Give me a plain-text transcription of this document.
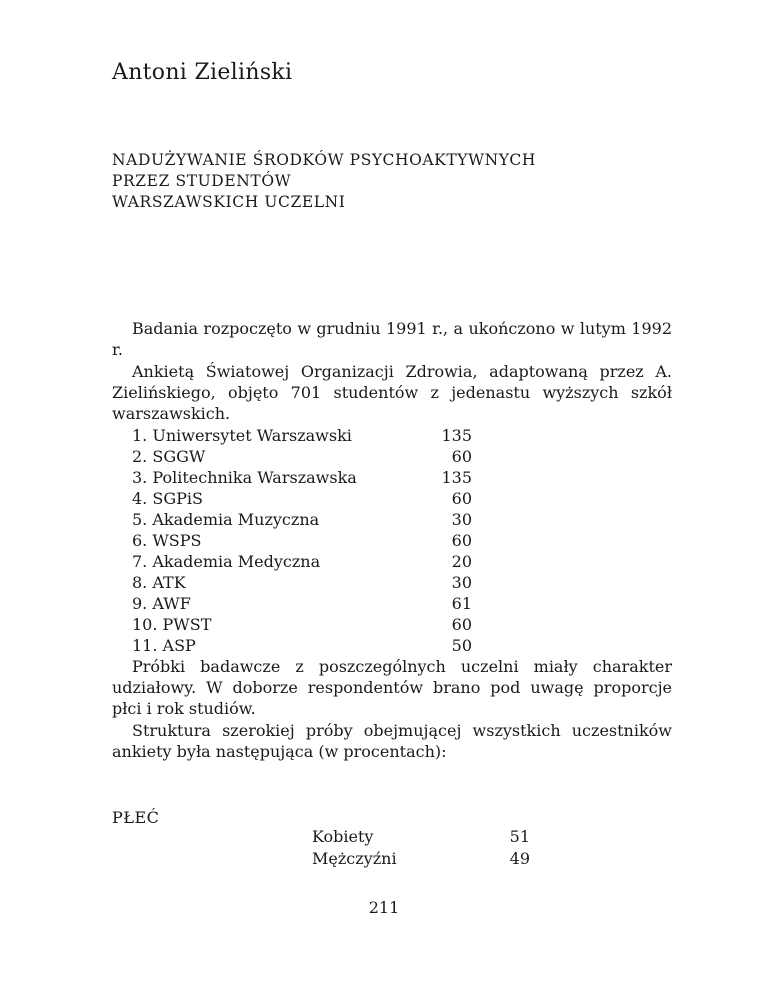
Antoni Zieliński
NADUŻYWANIE ŚRODKÓW PSYCHOAKTYWNYCH
PRZEZ STUDENTÓW
WARSZAWSKICH UCZELNI
Badania rozpoczęto w grudniu 1991 r., a ukończono w lutym 1992 r.
Ankietą Światowej Organizacji Zdrowia, adaptowaną przez A. Zielińskiego, objęto 701 studentów z jedenastu wyższych szkół warszawskich.
1. Uniwersytet Warszawski	135
2. SGGW	60
3. Politechnika Warszawska	135
4. SGPiS	60
5. Akademia Muzyczna	30
6. WSPS	60
7. Akademia Medyczna	20
8. ATK	30
9. AWF	61
10. PWST	60
11. ASP	50
Próbki badawcze z poszczególnych uczelni miały charakter udziałowy. W doborze respondentów brano pod uwagę proporcje płci i rok studiów.
Struktura szerokiej próby obejmującej wszystkich uczestników ankiety była następująca (w procentach):
PŁEĆ
Kobiety	51
Mężczyźni	49
211
